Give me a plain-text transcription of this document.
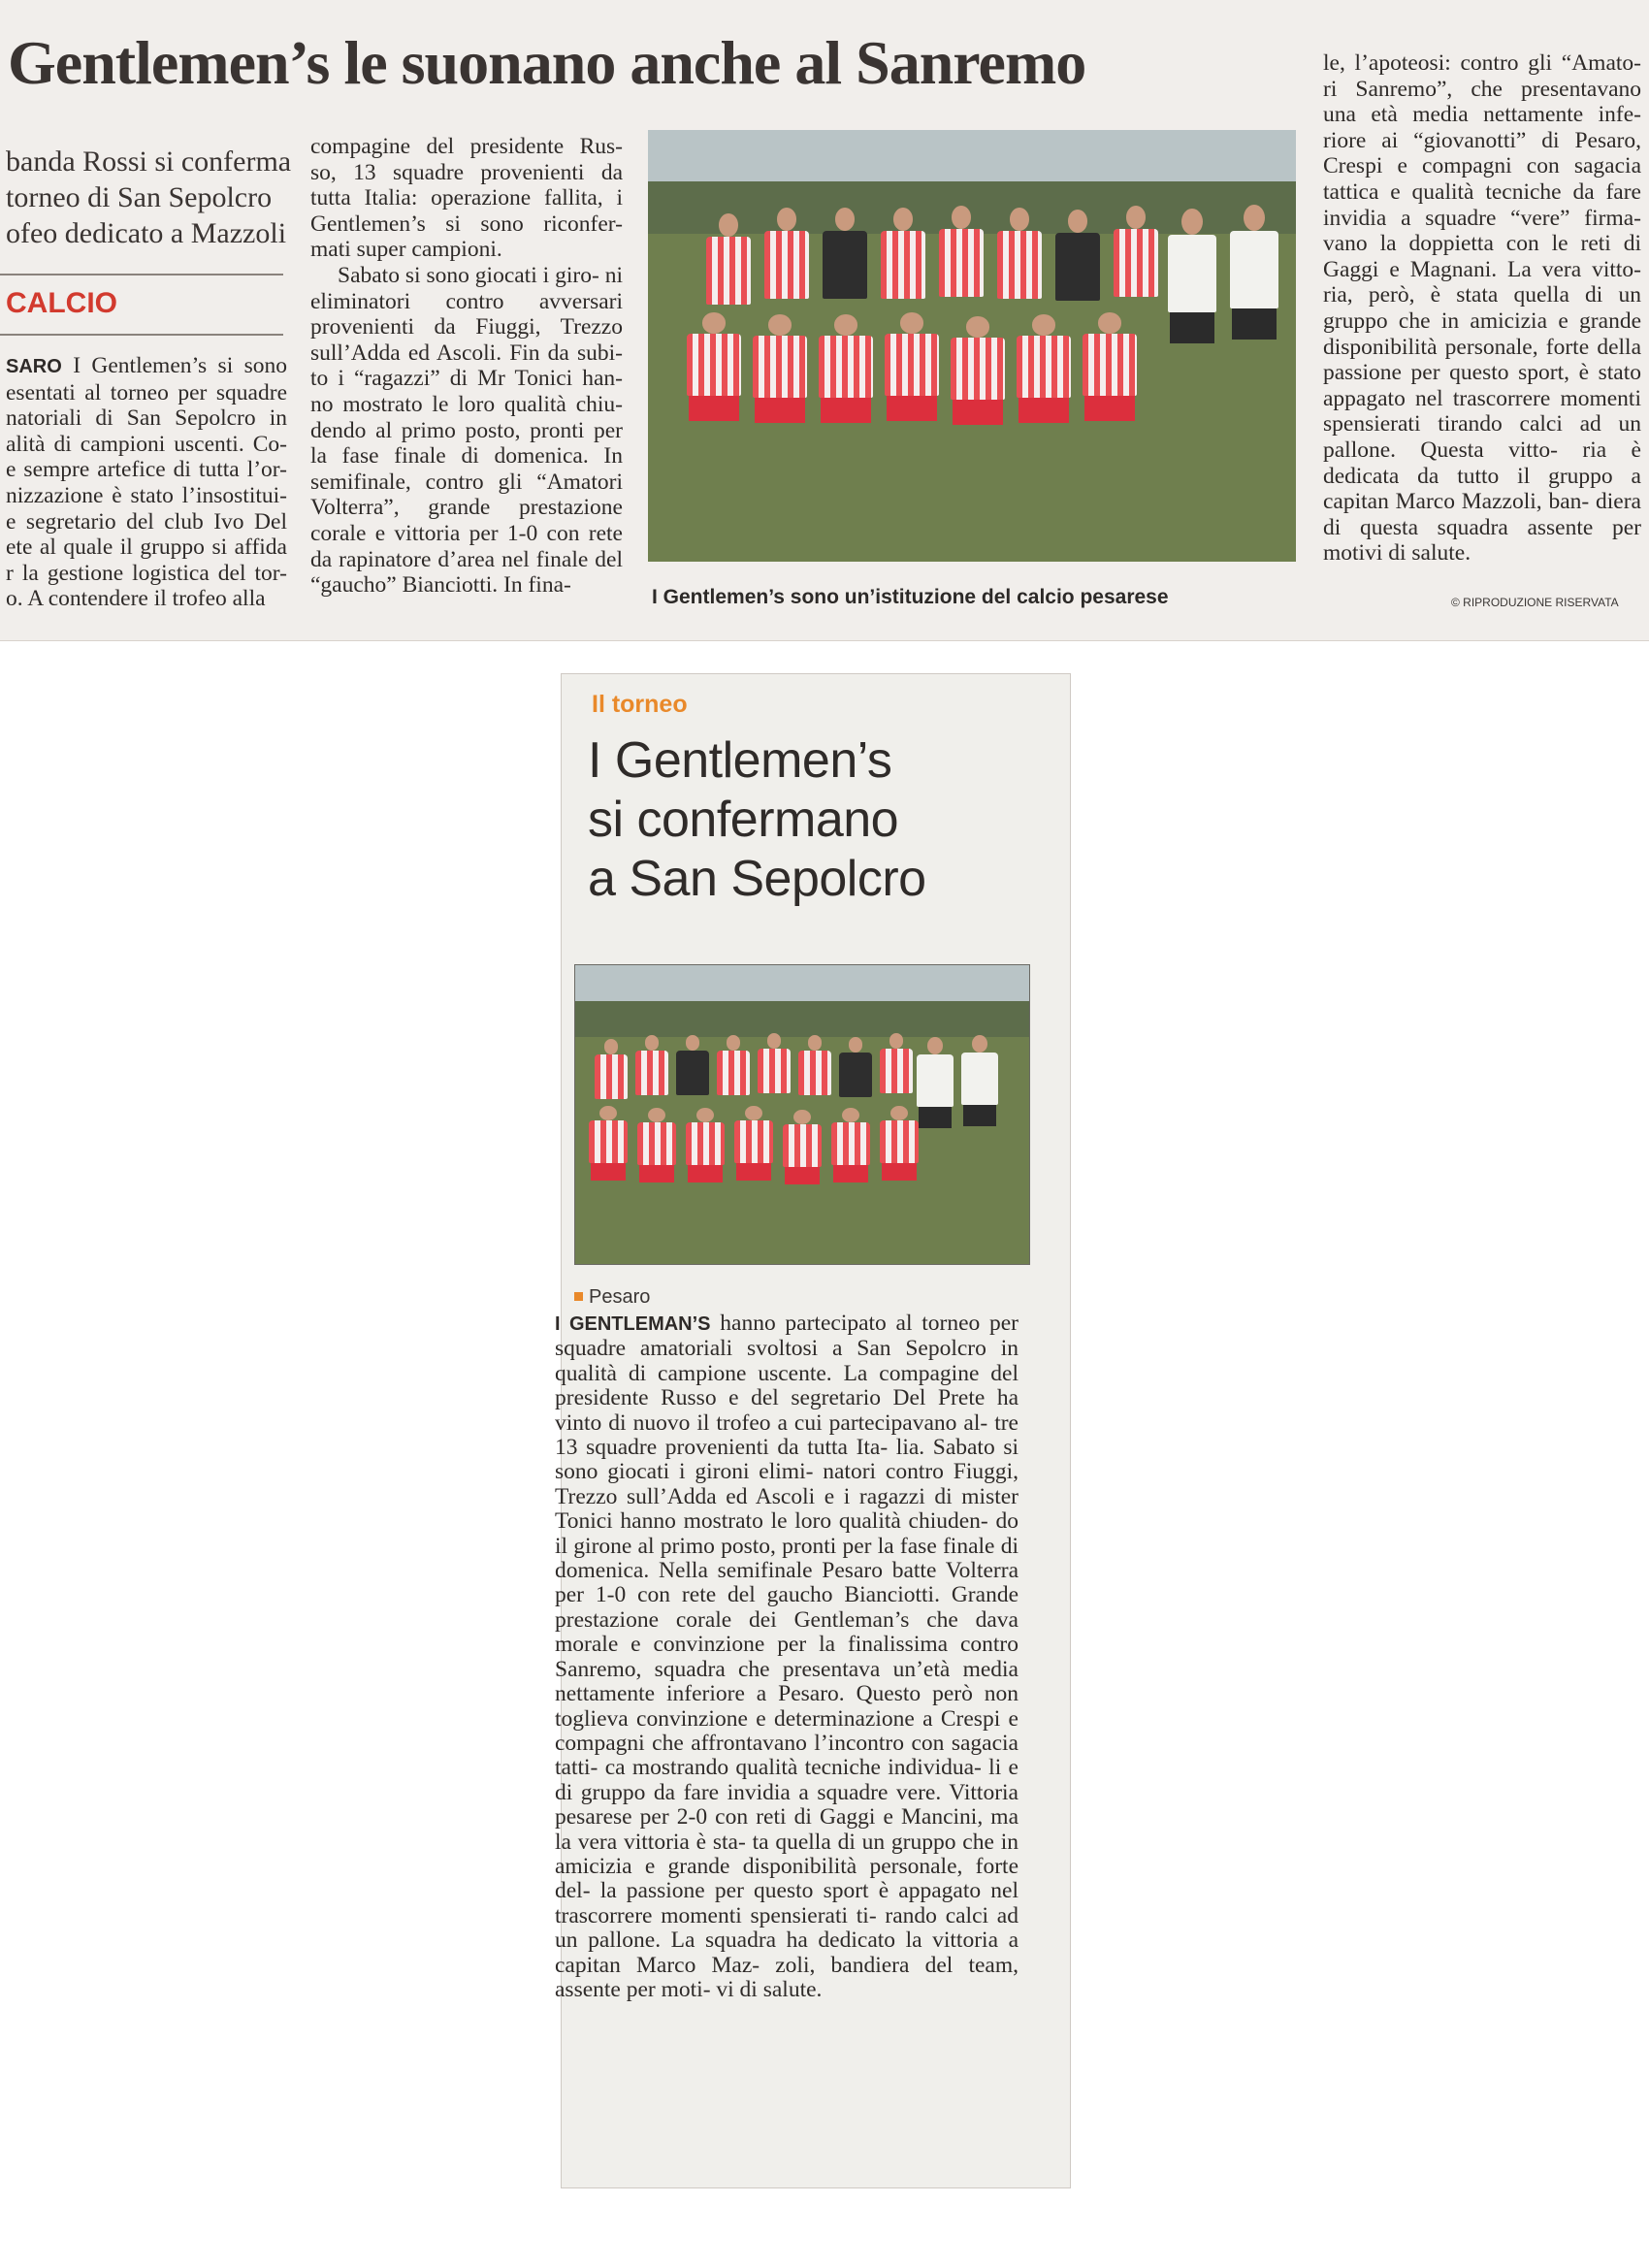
Gentlemen’s le suonano anche al Sanremo
banda Rossi si conferma
torneo di San Sepolcro
ofeo dedicato a Mazzoli
CALCIO

SARO I Gentlemen’s si sono esentati al torneo per squadre natoriali di San Sepolcro in alità di campioni uscenti. Co- e sempre artefice di tutta l’or- nizzazione è stato l’insostitui- e segretario del club Ivo Del ete al quale il gruppo si affida r la gestione logistica del tor- o. A contendere il trofeo alla

compagine del presidente Rus- so, 13 squadre provenienti da tutta Italia: operazione fallita, i Gentlemen’s si sono riconfer- mati super campioni.

Sabato si sono giocati i giro- ni eliminatori contro avversari provenienti da Fiuggi, Trezzo sull’Adda ed Ascoli. Fin da subi- to i “ragazzi” di Mr Tonici han- no mostrato le loro qualità chiu- dendo al primo posto, pronti per la fase finale di domenica. In semifinale, contro gli “Amatori Volterra”, grande prestazione corale e vittoria per 1-0 con rete da rapinatore d’area nel finale del “gaucho” Bianciotti. In fina-	I Gentlemen’s sono un’istituzione del calcio pesarese
le, l’apoteosi: contro gli “Amato- ri Sanremo”, che presentavano una età media nettamente infe- riore ai “giovanotti” di Pesaro, Crespi e compagni con sagacia tattica e qualità tecniche da fare invidia a squadre “vere” firma- vano la doppietta con le reti di Gaggi e Magnani. La vera vitto- ria, però, è stata quella di un gruppo che in amicizia e grande disponibilità personale, forte della passione per questo sport, è stato appagato nel trascorrere momenti spensierati tirando calci ad un pallone. Questa vitto- ria è dedicata da tutto il gruppo a capitan Marco Mazzoli, ban- diera di questa squadra assente per motivi di salute.
© RIPRODUZIONE RISERVATA
Il torneo
I Gentlemen’s
si confermano
a San Sepolcro
Pesaro

I GENTLEMAN’S hanno partecipato al torneo per squadre amatoriali svoltosi a San Sepolcro in qualità di campione uscente. La compagine del presidente Russo e del segretario Del Prete ha vinto di nuovo il trofeo a cui partecipavano al- tre 13 squadre provenienti da tutta Ita- lia. Sabato si sono giocati i gironi elimi- natori contro Fiuggi, Trezzo sull’Adda ed Ascoli e i ragazzi di mister Tonici hanno mostrato le loro qualità chiuden- do il girone al primo posto, pronti per la fase finale di domenica. Nella semifinale Pesaro batte Volterra per 1-0 con rete del gaucho Bianciotti. Grande prestazione corale dei Gentleman’s che dava morale e convinzione per la finalissima contro Sanremo, squadra che presentava un’età media nettamente inferiore a Pesaro. Questo però non toglieva convinzione e determinazione a Crespi e compagni che affrontavano l’incontro con sagacia tatti- ca mostrando qualità tecniche individua- li e di gruppo da fare invidia a squadre vere. Vittoria pesarese per 2-0 con reti di Gaggi e Mancini, ma la vera vittoria è sta- ta quella di un gruppo che in amicizia e grande disponibilità personale, forte del- la passione per questo sport è appagato nel trascorrere momenti spensierati ti- rando calci ad un pallone. La squadra ha dedicato la vittoria a capitan Marco Maz- zoli, bandiera del team, assente per moti- vi di salute.
